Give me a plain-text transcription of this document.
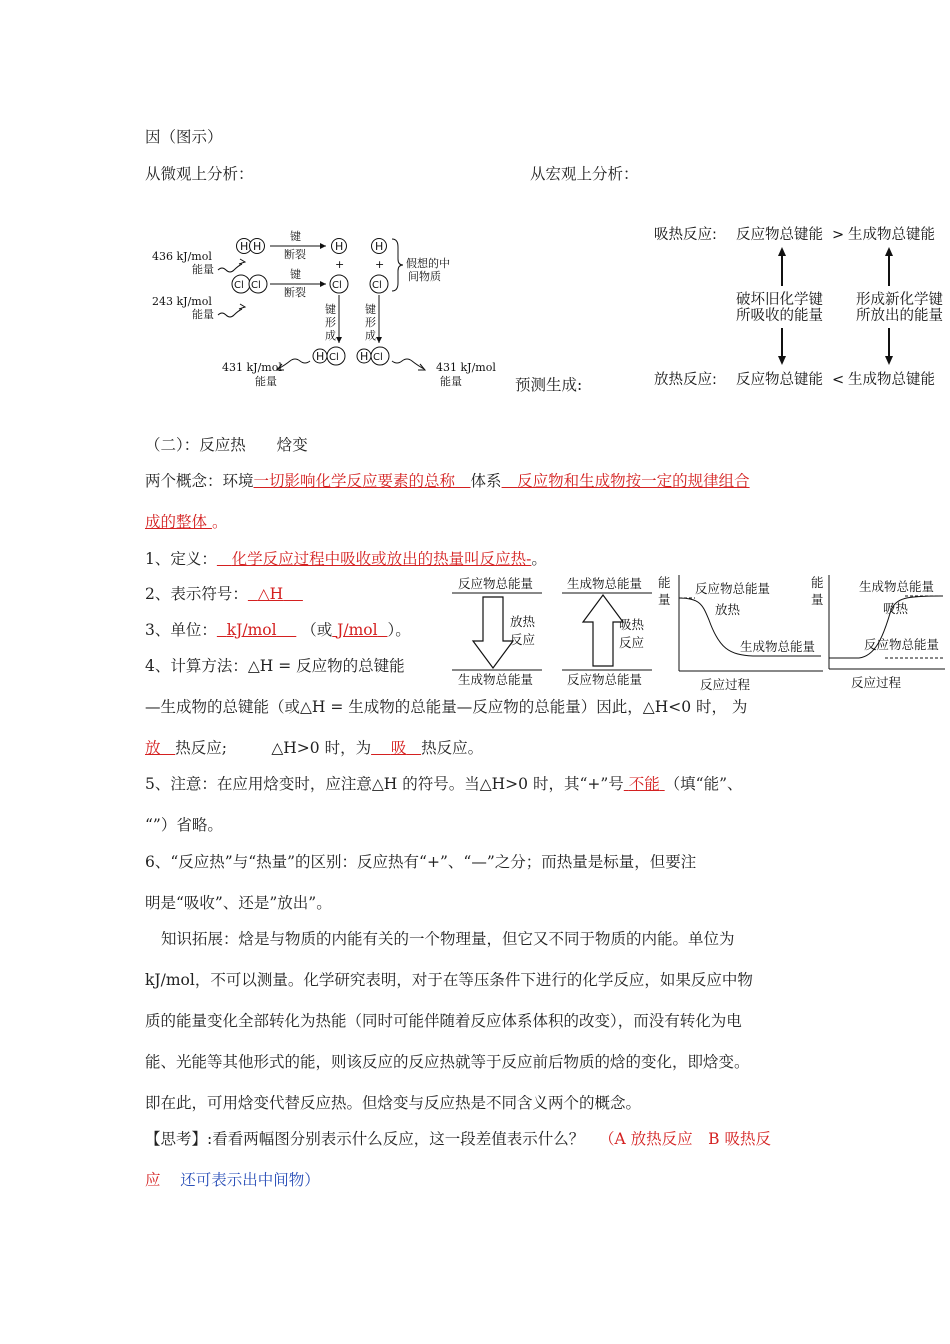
因（图示）
从微观上分析：	从宏观上分析：
436 kJ/mol
能量
243 kJ/mol
能量
H H
Cl Cl
键
断裂
键
断裂
H	H
+	+
Cl	Cl
假想的中
间物质
键
形
成
键
形
成
H Cl H Cl
431 kJ/mol
能量
431 kJ/mol
能量	预测生成:
吸热反应: 反应物总键能 > 生成物总键能
破坏旧化学键
所吸收的能量
形成新化学键
所放出的能量
放热反应: 反应物总键能 < 生成物总键能
（二）：反应热　　焓变
两个概念：环境一切影响化学反应要素的总称　 体系　 反应物和生成物按一定的规律组合
成的整体 。
1、定义： 化学反应过程中吸收或放出的热量叫反应热-。
2、表示符号： △H
3、单位： kJ/mol （或 J/mol ）。
4、计算方法：△H = 反应物的总键能
—生成物的总键能（或△H = 生成物的总能量—反应物的总能量）因此，△H<0 时， 为
放 热反应;	△H>0 时，为 吸 热反应。
反应物总能量
生成物总能量
放热
反应
生成物总能量
反应物总能量
吸热
反应
能
量
反应物总能量
放热
生成物总能量
反应过程
能
量
生成物总能量
吸热
反应物总能量
反应过程
5、注意：在应用焓变时，应注意△H 的符号。当△H>0 时，其“+”号 不能 （填“能”、
“”）省略。
6、“反应热”与“热量”的区别：反应热有“+”、“—”之分；而热量是标量，但要注
明是“吸收”、还是”放出”。
知识拓展：焓是与物质的内能有关的一个物理量，但它又不同于物质的内能。单位为
kJ/mol，不可以测量。化学研究表明，对于在等压条件下进行的化学反应，如果反应中物
质的能量变化全部转化为热能（同时可能伴随着反应体系体积的改变），而没有转化为电
能、光能等其他形式的能，则该反应的反应热就等于反应前后物质的焓的变化，即焓变。
即在此，可用焓变代替反应热。但焓变与反应热是不同含义两个的概念。
【思考】:看看两幅图分别表示什么反应，这一段差值表示什么？ （A 放热反应　B 吸热反
应 还可表示出中间物）
